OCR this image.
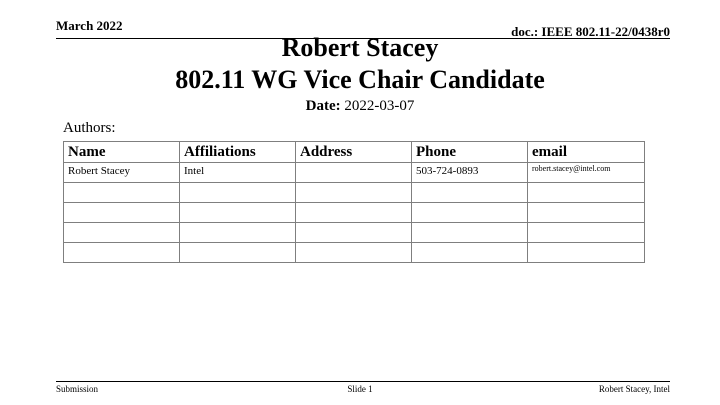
March 2022	doc.: IEEE 802.11-22/0438r0
Robert Stacey
802.11 WG Vice Chair Candidate
Date: 2022-03-07
Authors:
Name	Affiliations	Address	Phone	email
Robert Stacey	Intel		503-724-0893	robert.stacey@intel.com

Submission	Slide 1	Robert Stacey, Intel
